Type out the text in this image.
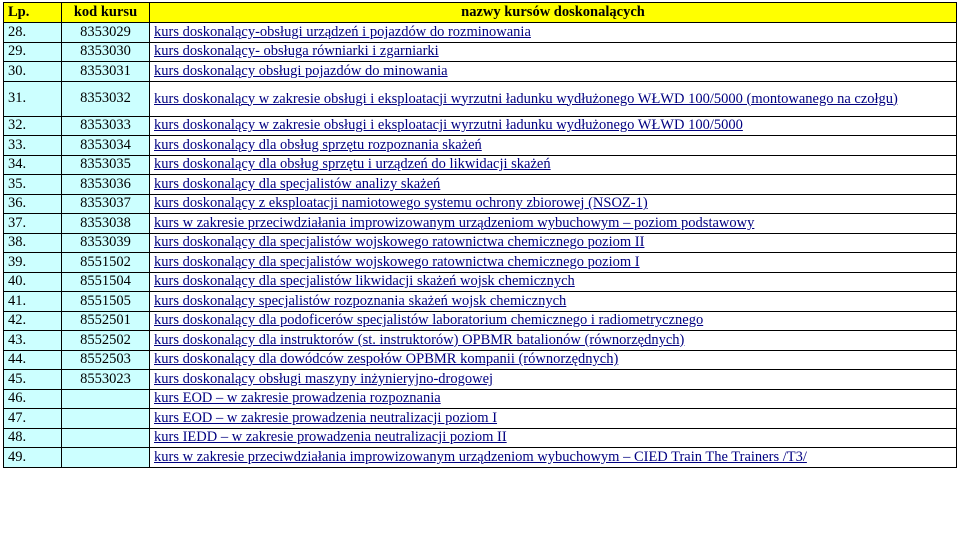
Lp.	kod kursu	nazwy kursów doskonalących
28.	8353029	kurs doskonalący-obsługi urządzeń i pojazdów do rozminowania
29.	8353030	kurs doskonalący- obsługa równiarki i zgarniarki
30.	8353031	kurs doskonalący obsługi pojazdów do minowania
31.	8353032	kurs doskonalący w zakresie obsługi i eksploatacji wyrzutni ładunku wydłużonego WŁWD 100/5000 (montowanego na czołgu)
32.	8353033	kurs doskonalący w zakresie obsługi i eksploatacji wyrzutni ładunku wydłużonego WŁWD 100/5000
33.	8353034	kurs doskonalący dla obsług sprzętu rozpoznania skażeń
34.	8353035	kurs doskonalący dla obsług sprzętu i urządzeń do likwidacji skażeń
35.	8353036	kurs doskonalący dla specjalistów analizy skażeń
36.	8353037	kurs doskonalący z eksploatacji namiotowego systemu ochrony zbiorowej (NSOZ-1)
37.	8353038	kurs w zakresie przeciwdziałania improwizowanym urządzeniom wybuchowym – poziom podstawowy
38.	8353039	kurs doskonalący dla specjalistów wojskowego ratownictwa chemicznego poziom II
39.	8551502	kurs doskonalący dla specjalistów wojskowego ratownictwa chemicznego poziom I
40.	8551504	kurs doskonalący dla specjalistów likwidacji skażeń wojsk chemicznych
41.	8551505	kurs doskonalący specjalistów rozpoznania skażeń wojsk chemicznych
42.	8552501	kurs doskonalący dla podoficerów specjalistów laboratorium chemicznego i radiometrycznego
43.	8552502	kurs doskonalący dla instruktorów (st. instruktorów) OPBMR batalionów (równorzędnych)
44.	8552503	kurs doskonalący dla dowódców zespołów OPBMR kompanii (równorzędnych)
45.	8553023	kurs doskonalący obsługi maszyny inżynieryjno-drogowej
46.		kurs EOD – w zakresie prowadzenia rozpoznania
47.		kurs EOD – w zakresie prowadzenia neutralizacji poziom I
48.		kurs IEDD – w zakresie prowadzenia neutralizacji poziom II
49.		kurs w zakresie przeciwdziałania improwizowanym urządzeniom wybuchowym – CIED Train The Trainers /T3/
